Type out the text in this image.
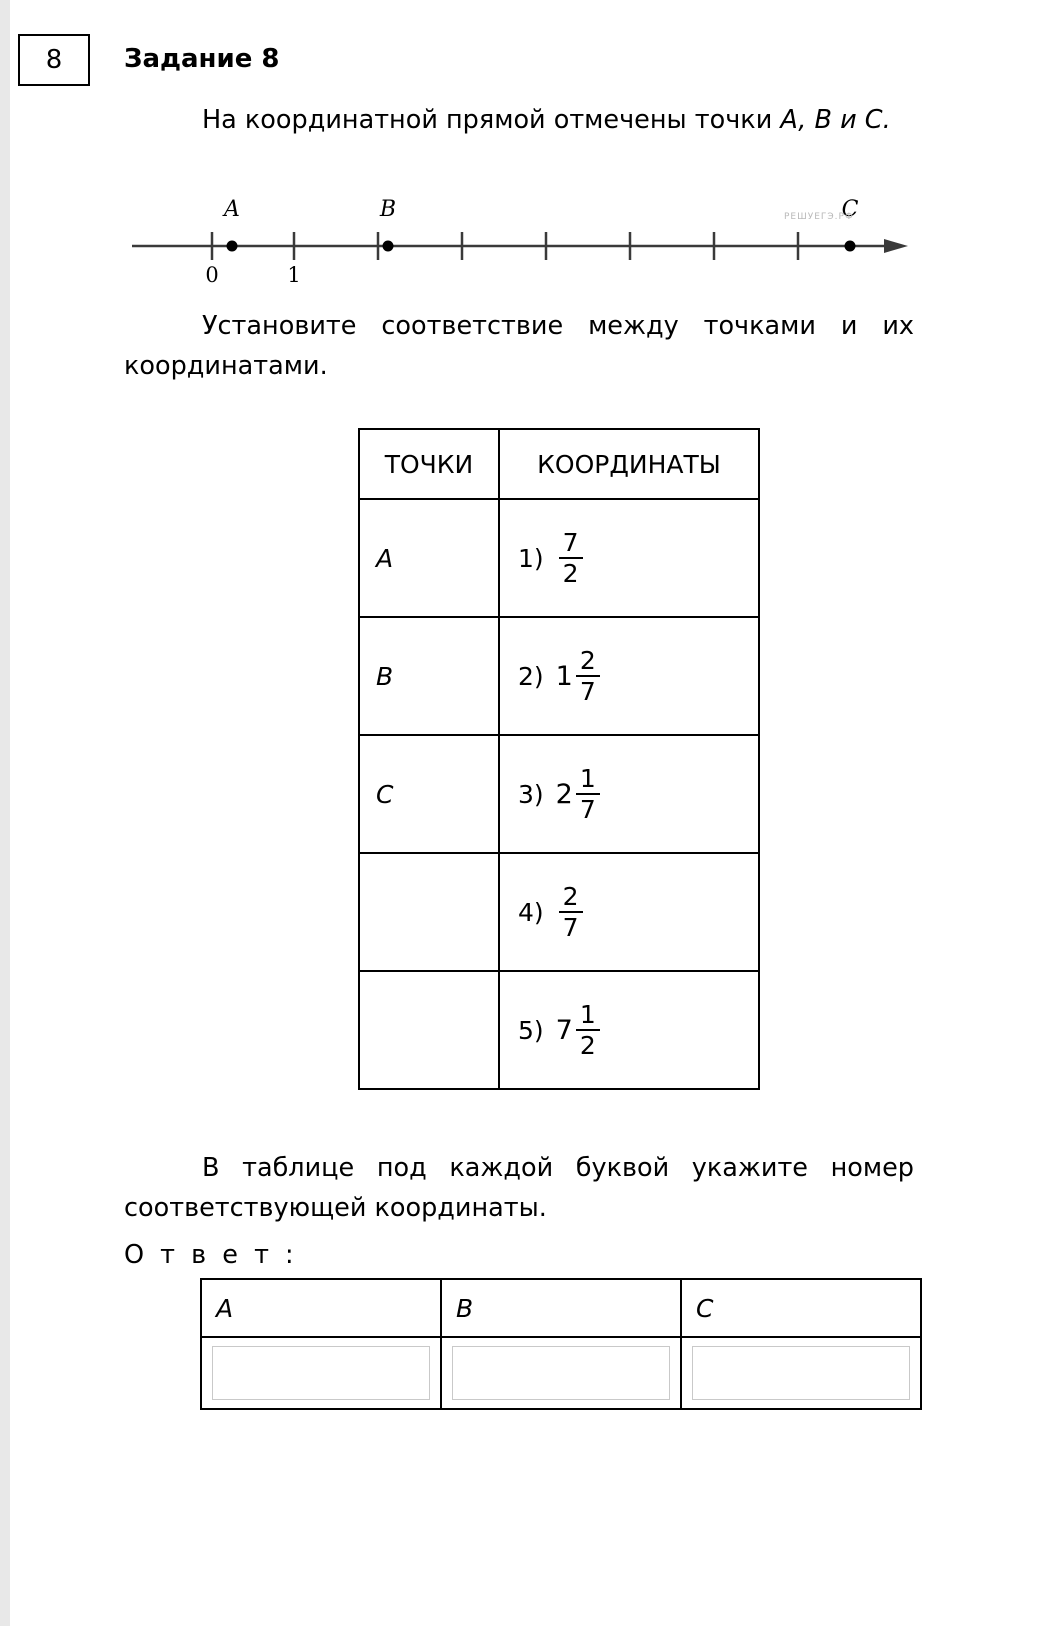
8 Задание 8
На координатной прямой отмечены точки A, B и C.
A	B	C
0	1
РЕШУЕГЭ.РФ
Установите соответствие между точками и их координатами.
ТОЧКИ	КООРДИНАТЫ
A	$1) \frac{7}{2}$

B	2) $1 \frac{2}{7}$

C	3) $2 \frac{1}{7}$

	$4) \frac{2}{7}$

	5) $7 \frac{1}{2}$
В таблице под каждой буквой укажите номер соответствующей координаты.
О т в е т :
A	B	C
